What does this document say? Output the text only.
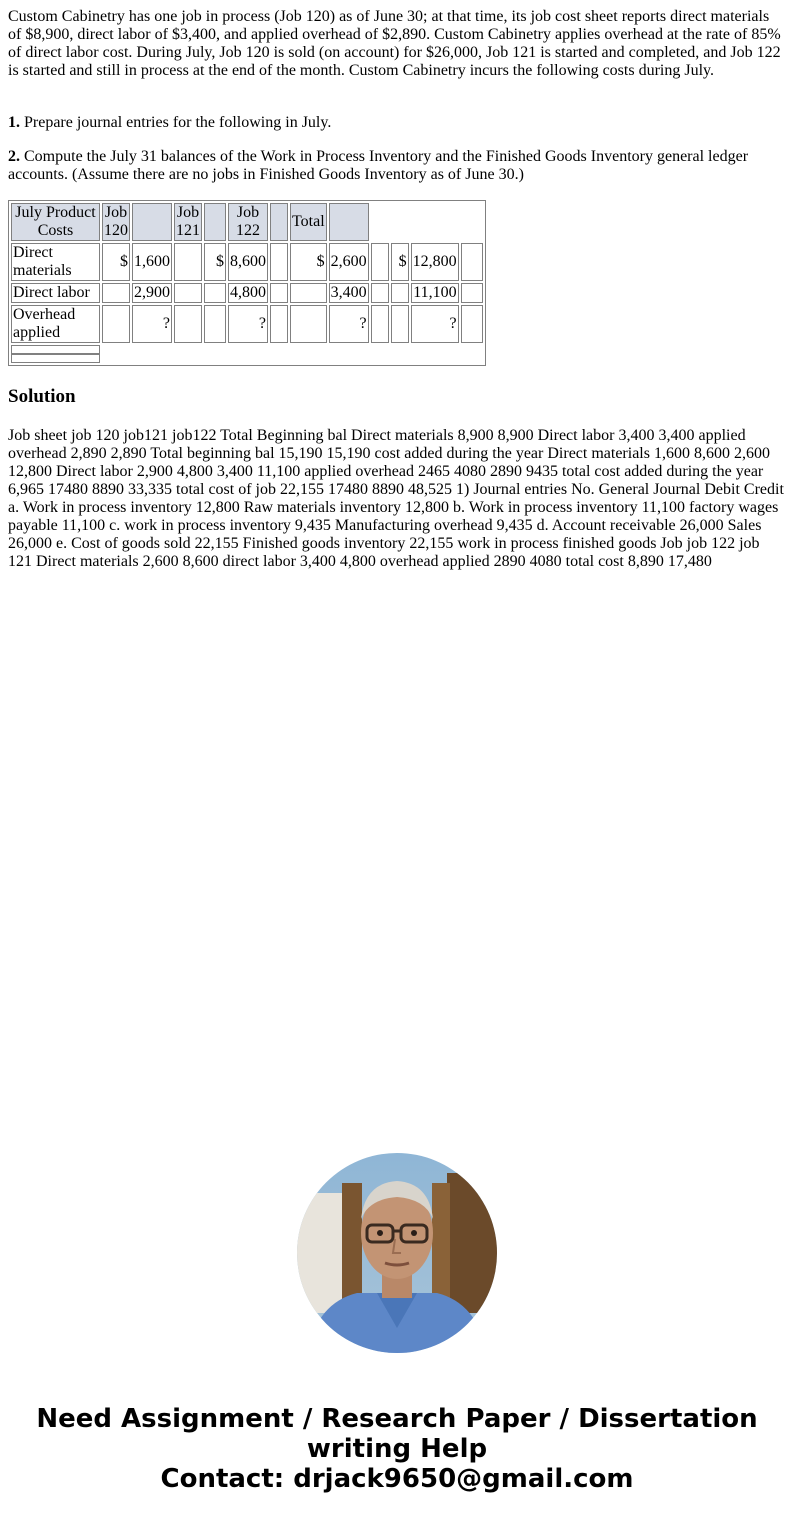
Custom Cabinetry has one job in process (Job 120) as of June 30; at that time, its job cost sheet reports direct materials of $8,900, direct labor of $3,400, and applied overhead of $2,890. Custom Cabinetry applies overhead at the rate of 85% of direct labor cost. During July, Job 120 is sold (on account) for $26,000, Job 121 is started and completed, and Job 122 is started and still in process at the end of the month. Custom Cabinetry incurs the following costs during July.

1. Prepare journal entries for the following in July.

2. Compute the July 31 balances of the Work in Process Inventory and the Finished Goods Inventory general ledger accounts. (Assume there are no jobs in Finished Goods Inventory as of June 30.)

July Product Costs	Job 120		Job 121		Job 122		Total					
Direct materials	$	1,600		$	8,600		$	2,600		$	12,800	
Direct labor		2,900			4,800			3,400			11,100	
Overhead applied		?			?			?			?	

Solution

Job sheet job 120 job121 job122 Total Beginning bal Direct materials 8,900 8,900 Direct labor 3,400 3,400 applied overhead 2,890 2,890 Total beginning bal 15,190 15,190 cost added during the year Direct materials 1,600 8,600 2,600 12,800 Direct labor 2,900 4,800 3,400 11,100 applied overhead 2465 4080 2890 9435 total cost added during the year 6,965 17480 8890 33,335 total cost of job 22,155 17480 8890 48,525 1) Journal entries No. General Journal Debit Credit a. Work in process inventory 12,800 Raw materials inventory 12,800 b. Work in process inventory 11,100 factory wages payable 11,100 c. work in process inventory 9,435 Manufacturing overhead 9,435 d. Account receivable 26,000 Sales 26,000 e. Cost of goods sold 22,155 Finished goods inventory 22,155 work in process finished goods Job job 122 job 121 Direct materials 2,600 8,600 direct labor 3,400 4,800 overhead applied 2890 4080 total cost 8,890 17,480

Need Assignment / Research Paper / Dissertation
writing Help
Contact: drjack9650@gmail.com
